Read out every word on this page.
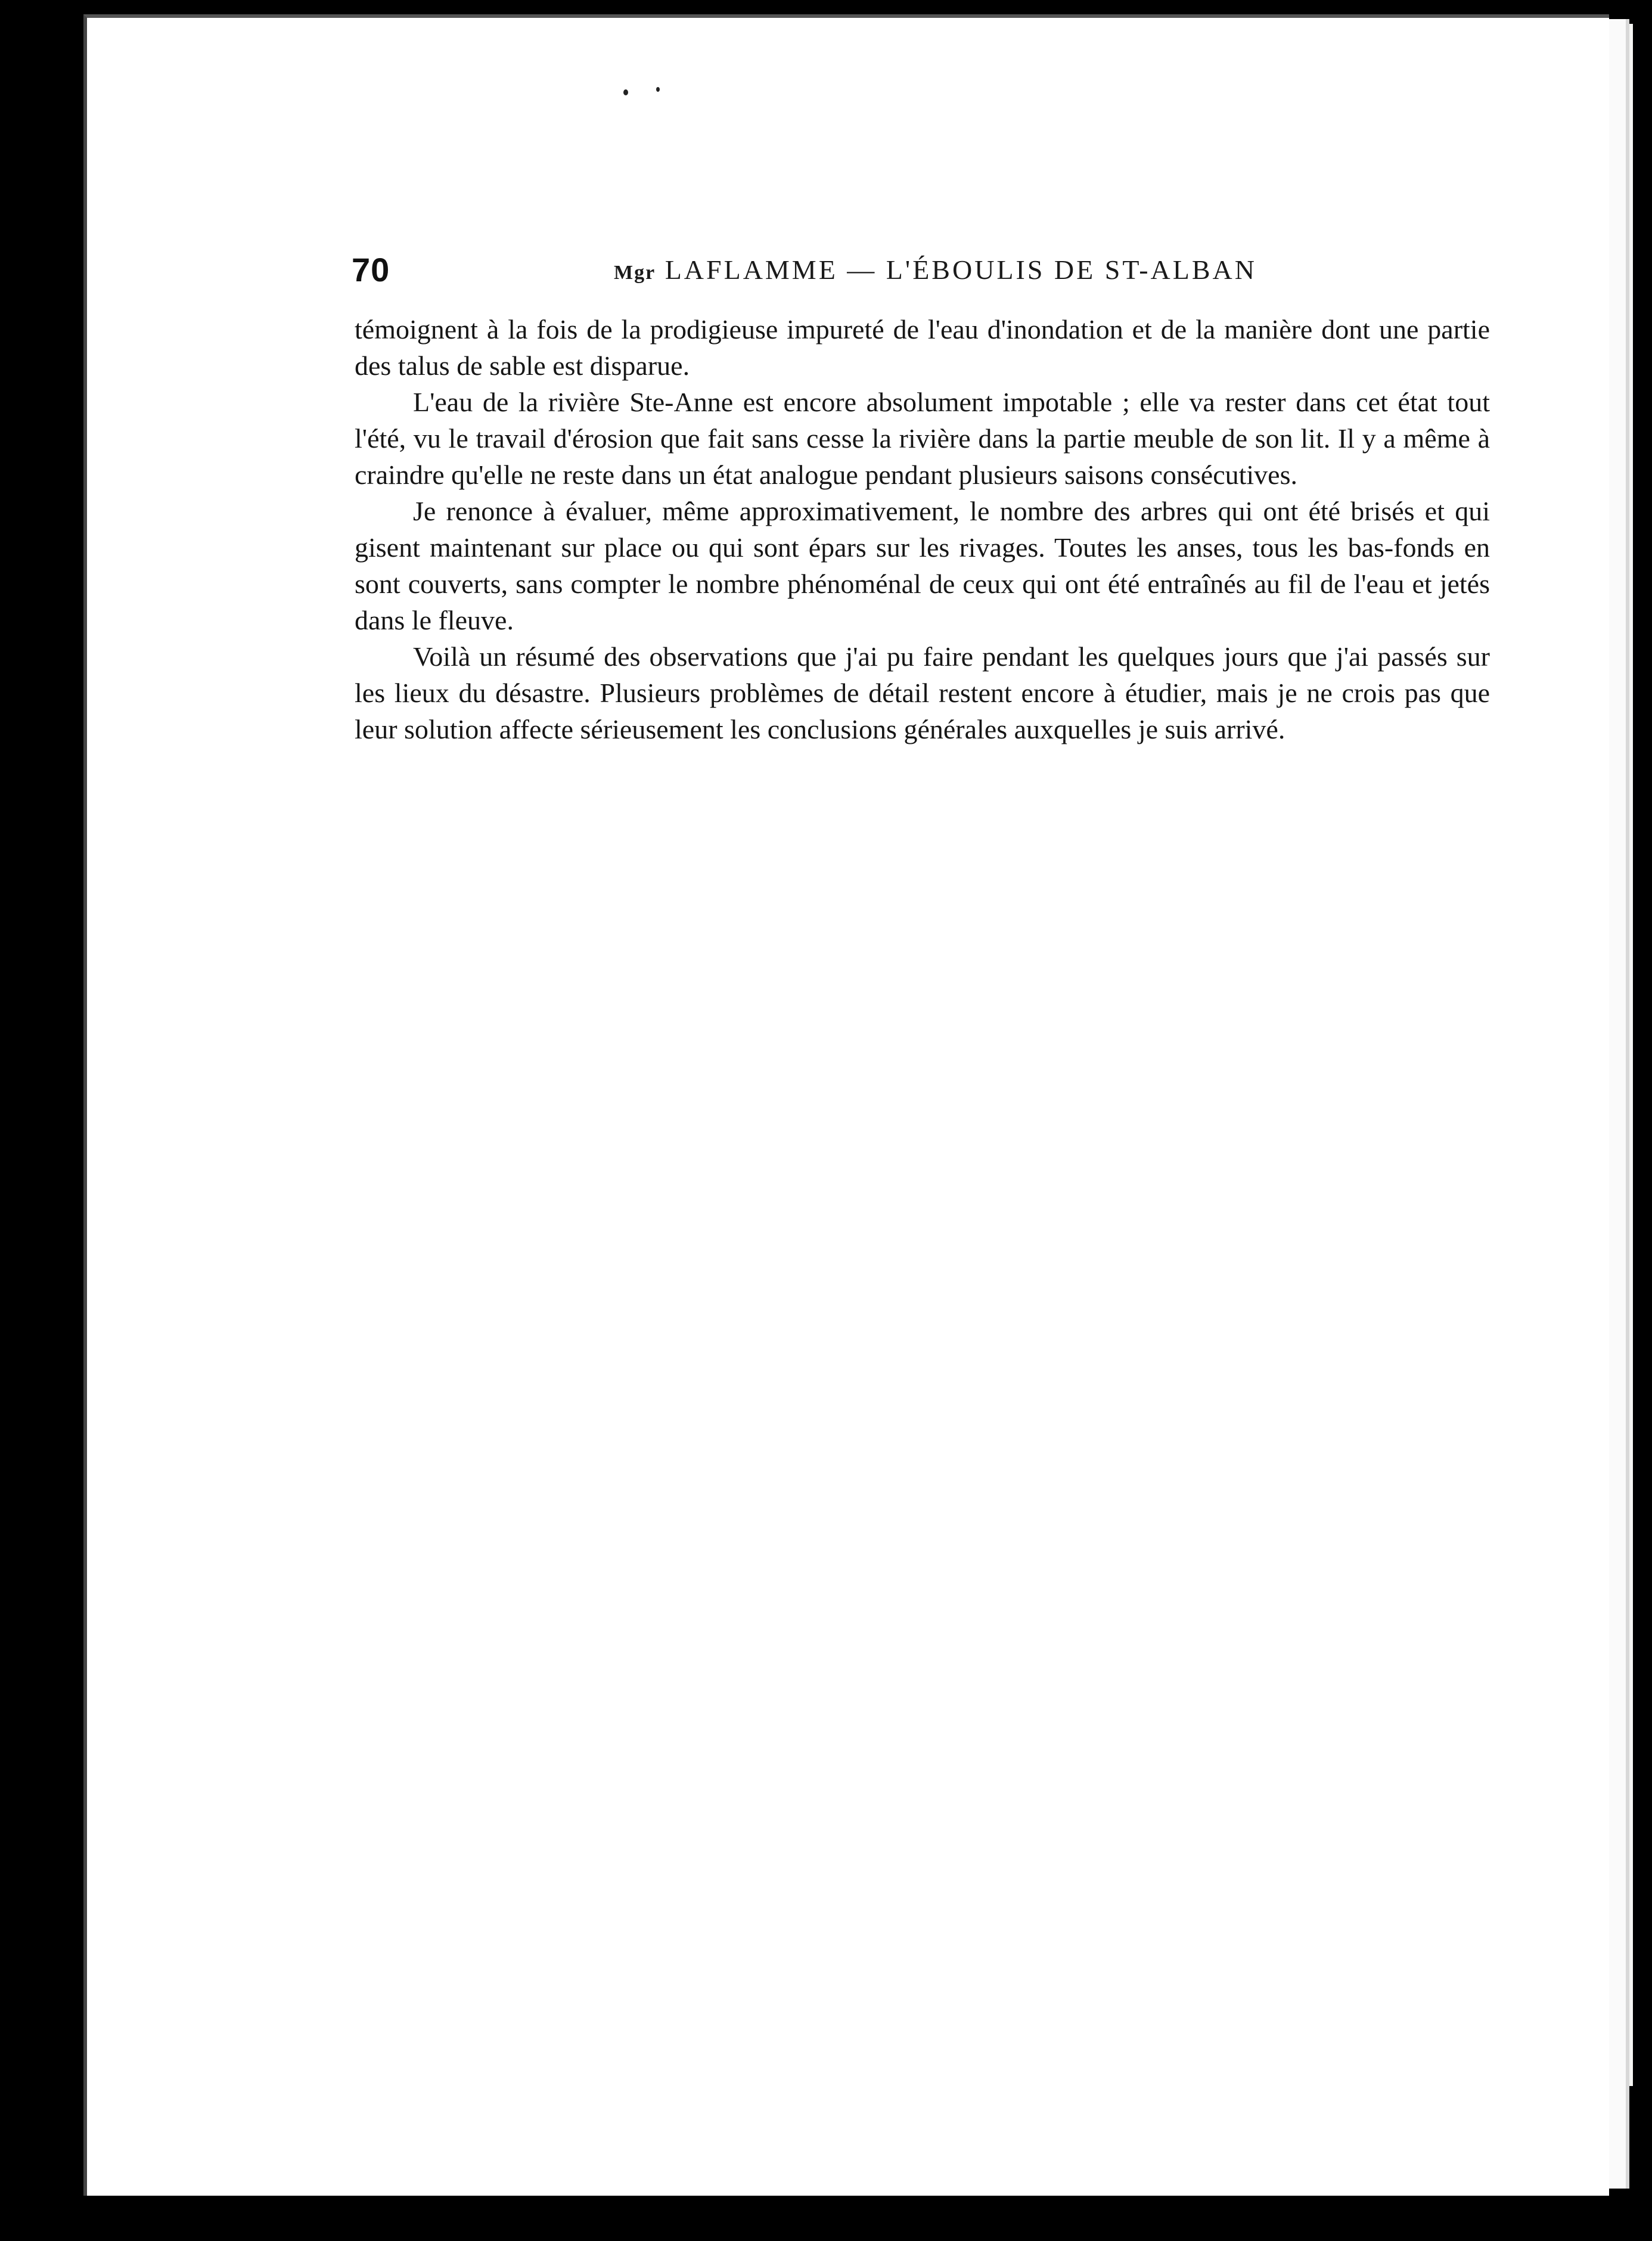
70	Mgr LAFLAMME — L'ÉBOULIS DE ST-ALBAN

témoignent à la fois de la prodigieuse impureté de l'eau d'inondation et de la manière dont une partie des talus de sable est disparue.

L'eau de la rivière Ste-Anne est encore absolument impotable ; elle va rester dans cet état tout l'été, vu le travail d'érosion que fait sans cesse la rivière dans la partie meuble de son lit. Il y a même à craindre qu'elle ne reste dans un état analogue pendant plusieurs saisons consécutives.

Je renonce à évaluer, même approximativement, le nombre des arbres qui ont été brisés et qui gisent maintenant sur place ou qui sont épars sur les rivages. Toutes les anses, tous les bas-fonds en sont couverts, sans compter le nombre phénoménal de ceux qui ont été entraînés au fil de l'eau et jetés dans le fleuve.

Voilà un résumé des observations que j'ai pu faire pendant les quelques jours que j'ai passés sur les lieux du désastre. Plusieurs problèmes de détail restent encore à étudier, mais je ne crois pas que leur solution affecte sérieusement les conclusions générales auxquelles je suis arrivé.
